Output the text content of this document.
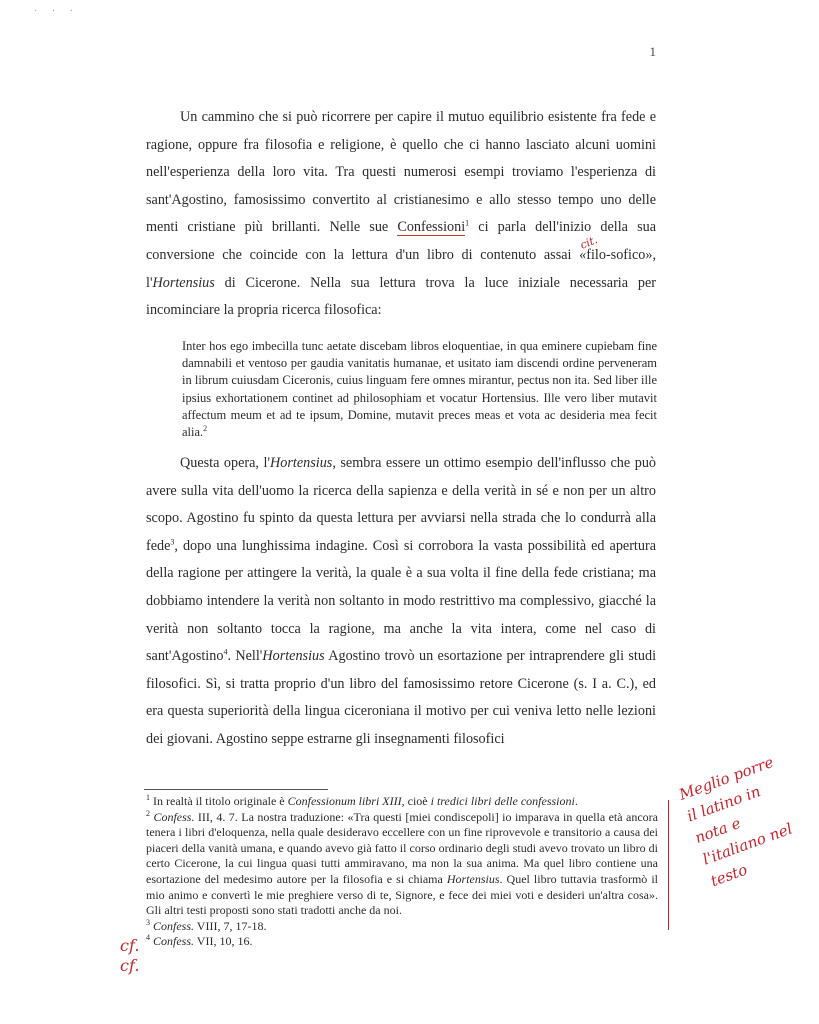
· · ·
1

Un cammino che si può ricorrere per capire il mutuo equilibrio esistente fra fede e ragione, oppure fra filosofia e religione, è quello che ci hanno lasciato alcuni uomini nell'esperienza della loro vita. Tra questi numerosi esempi troviamo l'esperienza di sant'Agostino, famosissimo convertito al cristianesimo e allo stesso tempo uno delle menti cristiane più brillanti. Nelle sue Confessioni$^1$ ci parla dell'inizio della sua conversione che coincide con la lettura d'un libro di contenuto assai «filo-sofico», l'Hortensius di Cicerone. Nella sua lettura trova la luce iniziale necessaria per incominciare la propria ricerca filosofica:

cit.
Inter hos ego imbecilla tunc aetate discebam libros eloquentiae, in qua eminere cupiebam fine damnabili et ventoso per gaudia vanitatis humanae, et usitato iam discendi ordine perveneram in librum cuiusdam Ciceronis, cuius linguam fere omnes mirantur, pectus non ita. Sed liber ille ipsius exhortationem continet ad philosophiam et vocatur Hortensius. Ille vero liber mutavit affectum meum et ad te ipsum, Domine, mutavit preces meas et vota ac desideria mea fecit alia.$^2$

Questa opera, l'Hortensius, sembra essere un ottimo esempio dell'influsso che può avere sulla vita dell'uomo la ricerca della sapienza e della verità in sé e non per un altro scopo. Agostino fu spinto da questa lettura per avviarsi nella strada che lo condurrà alla fede$^3$, dopo una lunghissima indagine. Così si corrobora la vasta possibilità ed apertura della ragione per attingere la verità, la quale è a sua volta il fine della fede cristiana; ma dobbiamo intendere la verità non soltanto in modo restrittivo ma complessivo, giacché la verità non soltanto tocca la ragione, ma anche la vita intera, come nel caso di sant'Agostino$^4$. Nell'Hortensius Agostino trovò un esortazione per intraprendere gli studi filosofici. Sì, si tratta proprio d'un libro del famosissimo retore Cicerone (s. I a. C.), ed era questa superiorità della lingua ciceroniana il motivo per cui veniva letto nelle lezioni dei giovani. Agostino seppe estrarne gli insegnamenti filosofici

$^1$ In realtà il titolo originale è Confessionum libri XIII, cioè i tredici libri delle confessioni.
$^2$ Confess. III, 4. 7. La nostra traduzione: «Tra questi [miei condiscepoli] io imparava in quella età ancora tenera i libri d'eloquenza, nella quale desideravo eccellere con un fine riprovevole e transitorio a causa dei piaceri della vanità umana, e quando avevo già fatto il corso ordinario degli studi avevo trovato un libro di certo Cicerone, la cui lingua quasi tutti ammiravano, ma non la sua anima. Ma quel libro contiene una esortazione del medesimo autore per la filosofia e si chiama Hortensius. Quel libro tuttavia trasformò il mio animo e convertì le mie preghiere verso di te, Signore, e fece dei miei voti e desideri un'altra cosa». Gli altri testi proposti sono stati tradotti anche da noi.
$^3$ Confess. VIII, 7, 17-18.
$^4$ Confess. VII, 10, 16.
cf.
cf.
Meglio porre il latino in nota e l'italiano nel testo
